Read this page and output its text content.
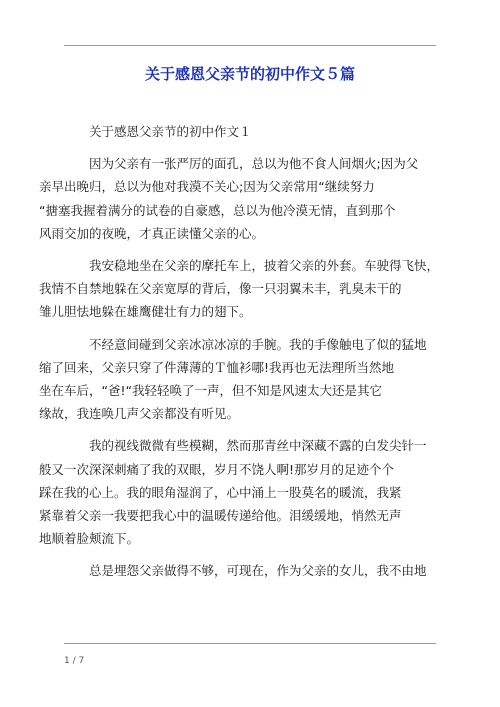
关于感恩父亲节的初中作文５篇

关于感恩父亲节的初中作文１

因为父亲有一张严厉的面孔，总以为他不食人间烟火;因为父
亲早出晚归，总以为他对我漠不关心;因为父亲常用“继续努力
“搪塞我握着满分的试卷的自豪感，总以为他冷漠无情，直到那个
风雨交加的夜晚，才真正读懂父亲的心。

我安稳地坐在父亲的摩托车上，披着父亲的外套。车驶得飞快，
我情不自禁地躲在父亲宽厚的背后，像一只羽翼未丰，乳臭未干的
雏儿胆怯地躲在雄鹰健壮有力的翅下。

不经意间碰到父亲冰凉冰凉的手腕。我的手像触电了似的猛地
缩了回来，父亲只穿了件薄薄的Ｔ恤衫哪!我再也无法理所当然地
坐在车后，“爸!“我轻轻唤了一声，但不知是风速太大还是其它
缘故，我连唤几声父亲都没有听见。

我的视线微微有些模糊，然而那青丝中深藏不露的白发尖针一
般又一次深深刺痛了我的双眼，岁月不饶人啊!那岁月的足迹个个
踩在我的心上。我的眼角湿润了，心中涌上一股莫名的暖流，我紧
紧靠着父亲一我要把我心中的温暖传递给他。泪缓缓地，悄然无声
地顺着脸颊流下。

总是埋怨父亲做得不够，可现在，作为父亲的女儿，我不由地

1 / 7
